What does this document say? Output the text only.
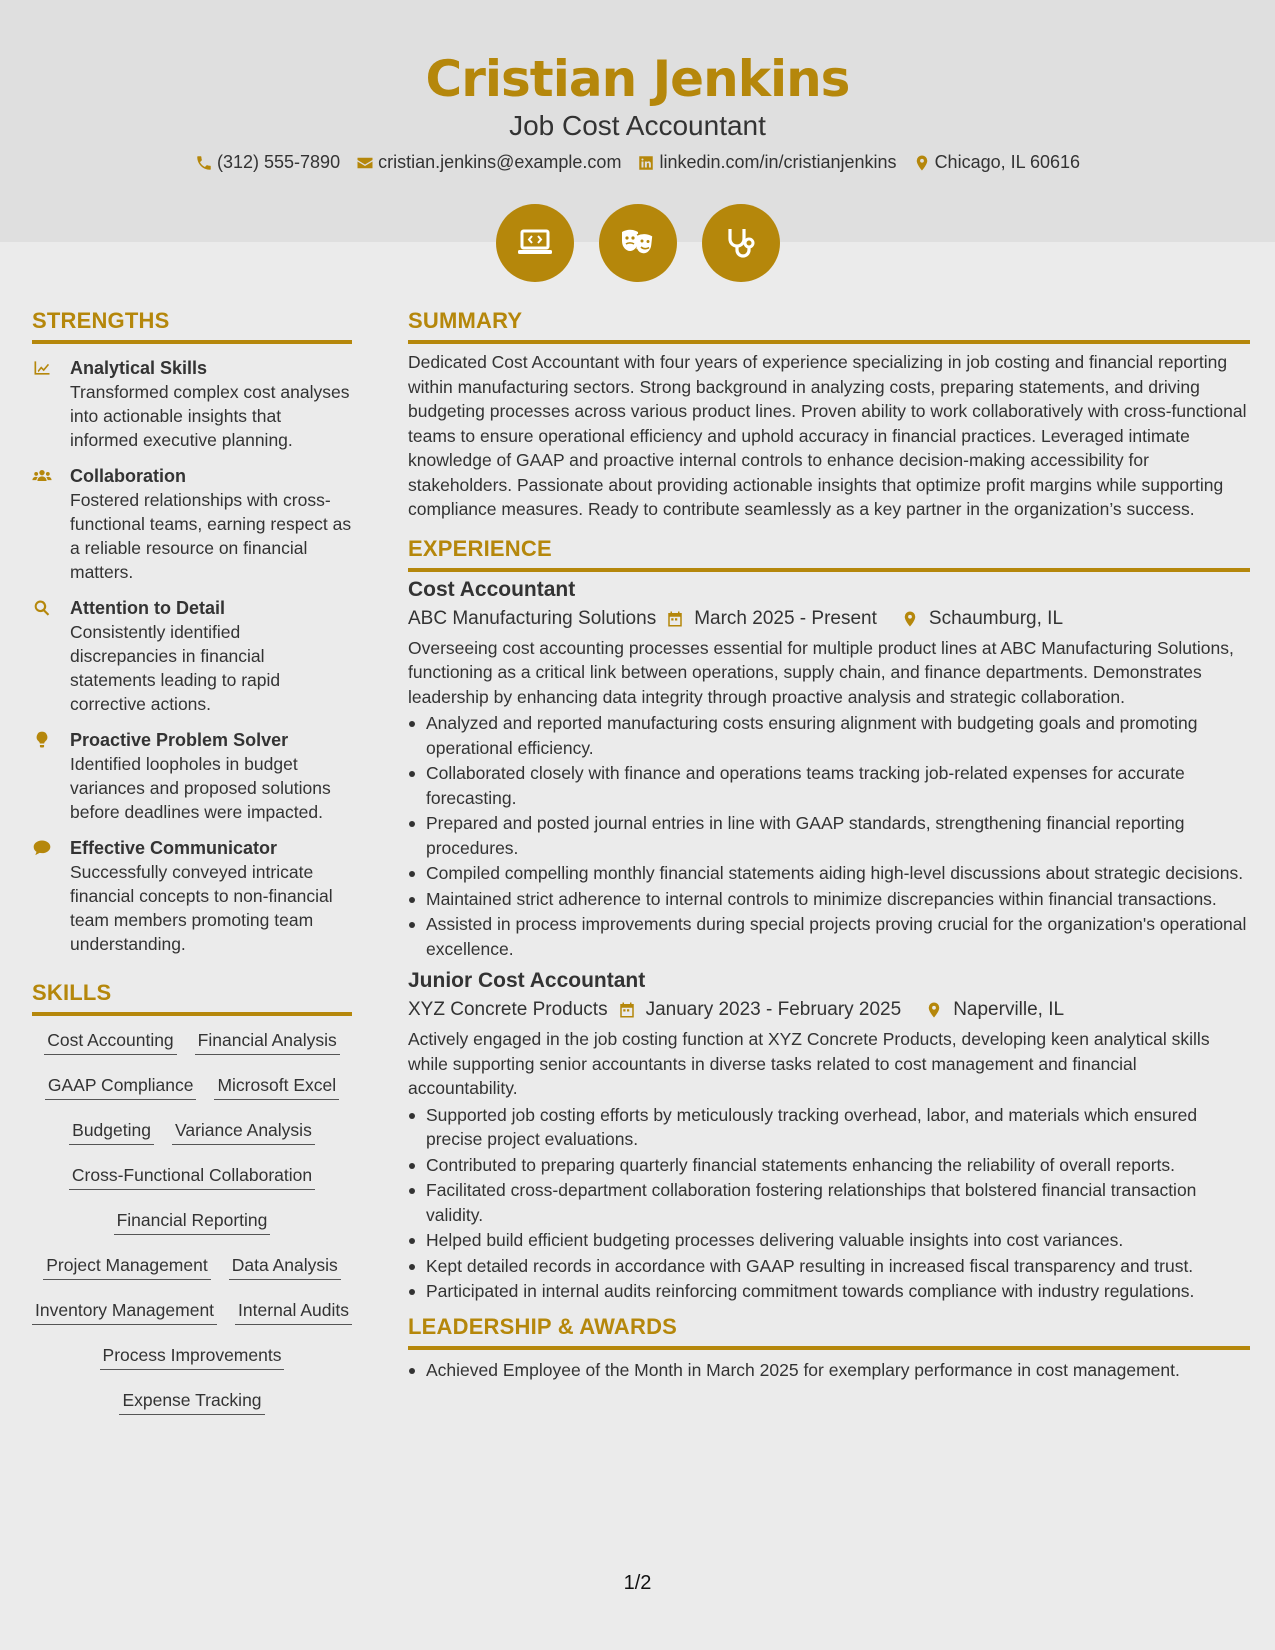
Cristian Jenkins
Job Cost Accountant
(312) 555-7890 cristian.jenkins@example.com linkedin.com/in/cristianjenkins Chicago, IL 60616
STRENGTHS
Analytical Skills
Transformed complex cost analyses into actionable insights that informed executive planning.
Collaboration
Fostered relationships with cross-functional teams, earning respect as a reliable resource on financial matters.
Attention to Detail
Consistently identified discrepancies in financial statements leading to rapid corrective actions.
Proactive Problem Solver
Identified loopholes in budget variances and proposed solutions before deadlines were impacted.
Effective Communicator
Successfully conveyed intricate financial concepts to non-financial team members promoting team understanding.
SKILLS
Cost Accounting Financial Analysis
GAAP Compliance Microsoft Excel
Budgeting Variance Analysis
Cross-Functional Collaboration
Financial Reporting
Project Management Data Analysis
Inventory Management Internal Audits
Process Improvements
Expense Tracking
SUMMARY
Dedicated Cost Accountant with four years of experience specializing in job costing and financial reporting within manufacturing sectors. Strong background in analyzing costs, preparing statements, and driving budgeting processes across various product lines. Proven ability to work collaboratively with cross-functional teams to ensure operational efficiency and uphold accuracy in financial practices. Leveraged intimate knowledge of GAAP and proactive internal controls to enhance decision-making accessibility for stakeholders. Passionate about providing actionable insights that optimize profit margins while supporting compliance measures. Ready to contribute seamlessly as a key partner in the organization’s success.
EXPERIENCE
Cost Accountant
ABC Manufacturing Solutions March 2025 - Present	Schaumburg, IL
Overseeing cost accounting processes essential for multiple product lines at ABC Manufacturing Solutions, functioning as a critical link between operations, supply chain, and finance departments. Demonstrates leadership by enhancing data integrity through proactive analysis and strategic collaboration.
Analyzed and reported manufacturing costs ensuring alignment with budgeting goals and promoting operational efficiency.
Collaborated closely with finance and operations teams tracking job-related expenses for accurate forecasting.
Prepared and posted journal entries in line with GAAP standards, strengthening financial reporting procedures.
Compiled compelling monthly financial statements aiding high-level discussions about strategic decisions.
Maintained strict adherence to internal controls to minimize discrepancies within financial transactions.
Assisted in process improvements during special projects proving crucial for the organization's operational excellence.
Junior Cost Accountant
XYZ Concrete Products January 2023 - February 2025	Naperville, IL
Actively engaged in the job costing function at XYZ Concrete Products, developing keen analytical skills while supporting senior accountants in diverse tasks related to cost management and financial accountability.
Supported job costing efforts by meticulously tracking overhead, labor, and materials which ensured precise project evaluations.
Contributed to preparing quarterly financial statements enhancing the reliability of overall reports.
Facilitated cross-department collaboration fostering relationships that bolstered financial transaction validity.
Helped build efficient budgeting processes delivering valuable insights into cost variances.
Kept detailed records in accordance with GAAP resulting in increased fiscal transparency and trust.
Participated in internal audits reinforcing commitment towards compliance with industry regulations.
LEADERSHIP & AWARDS
Achieved Employee of the Month in March 2025 for exemplary performance in cost management.
1/2
